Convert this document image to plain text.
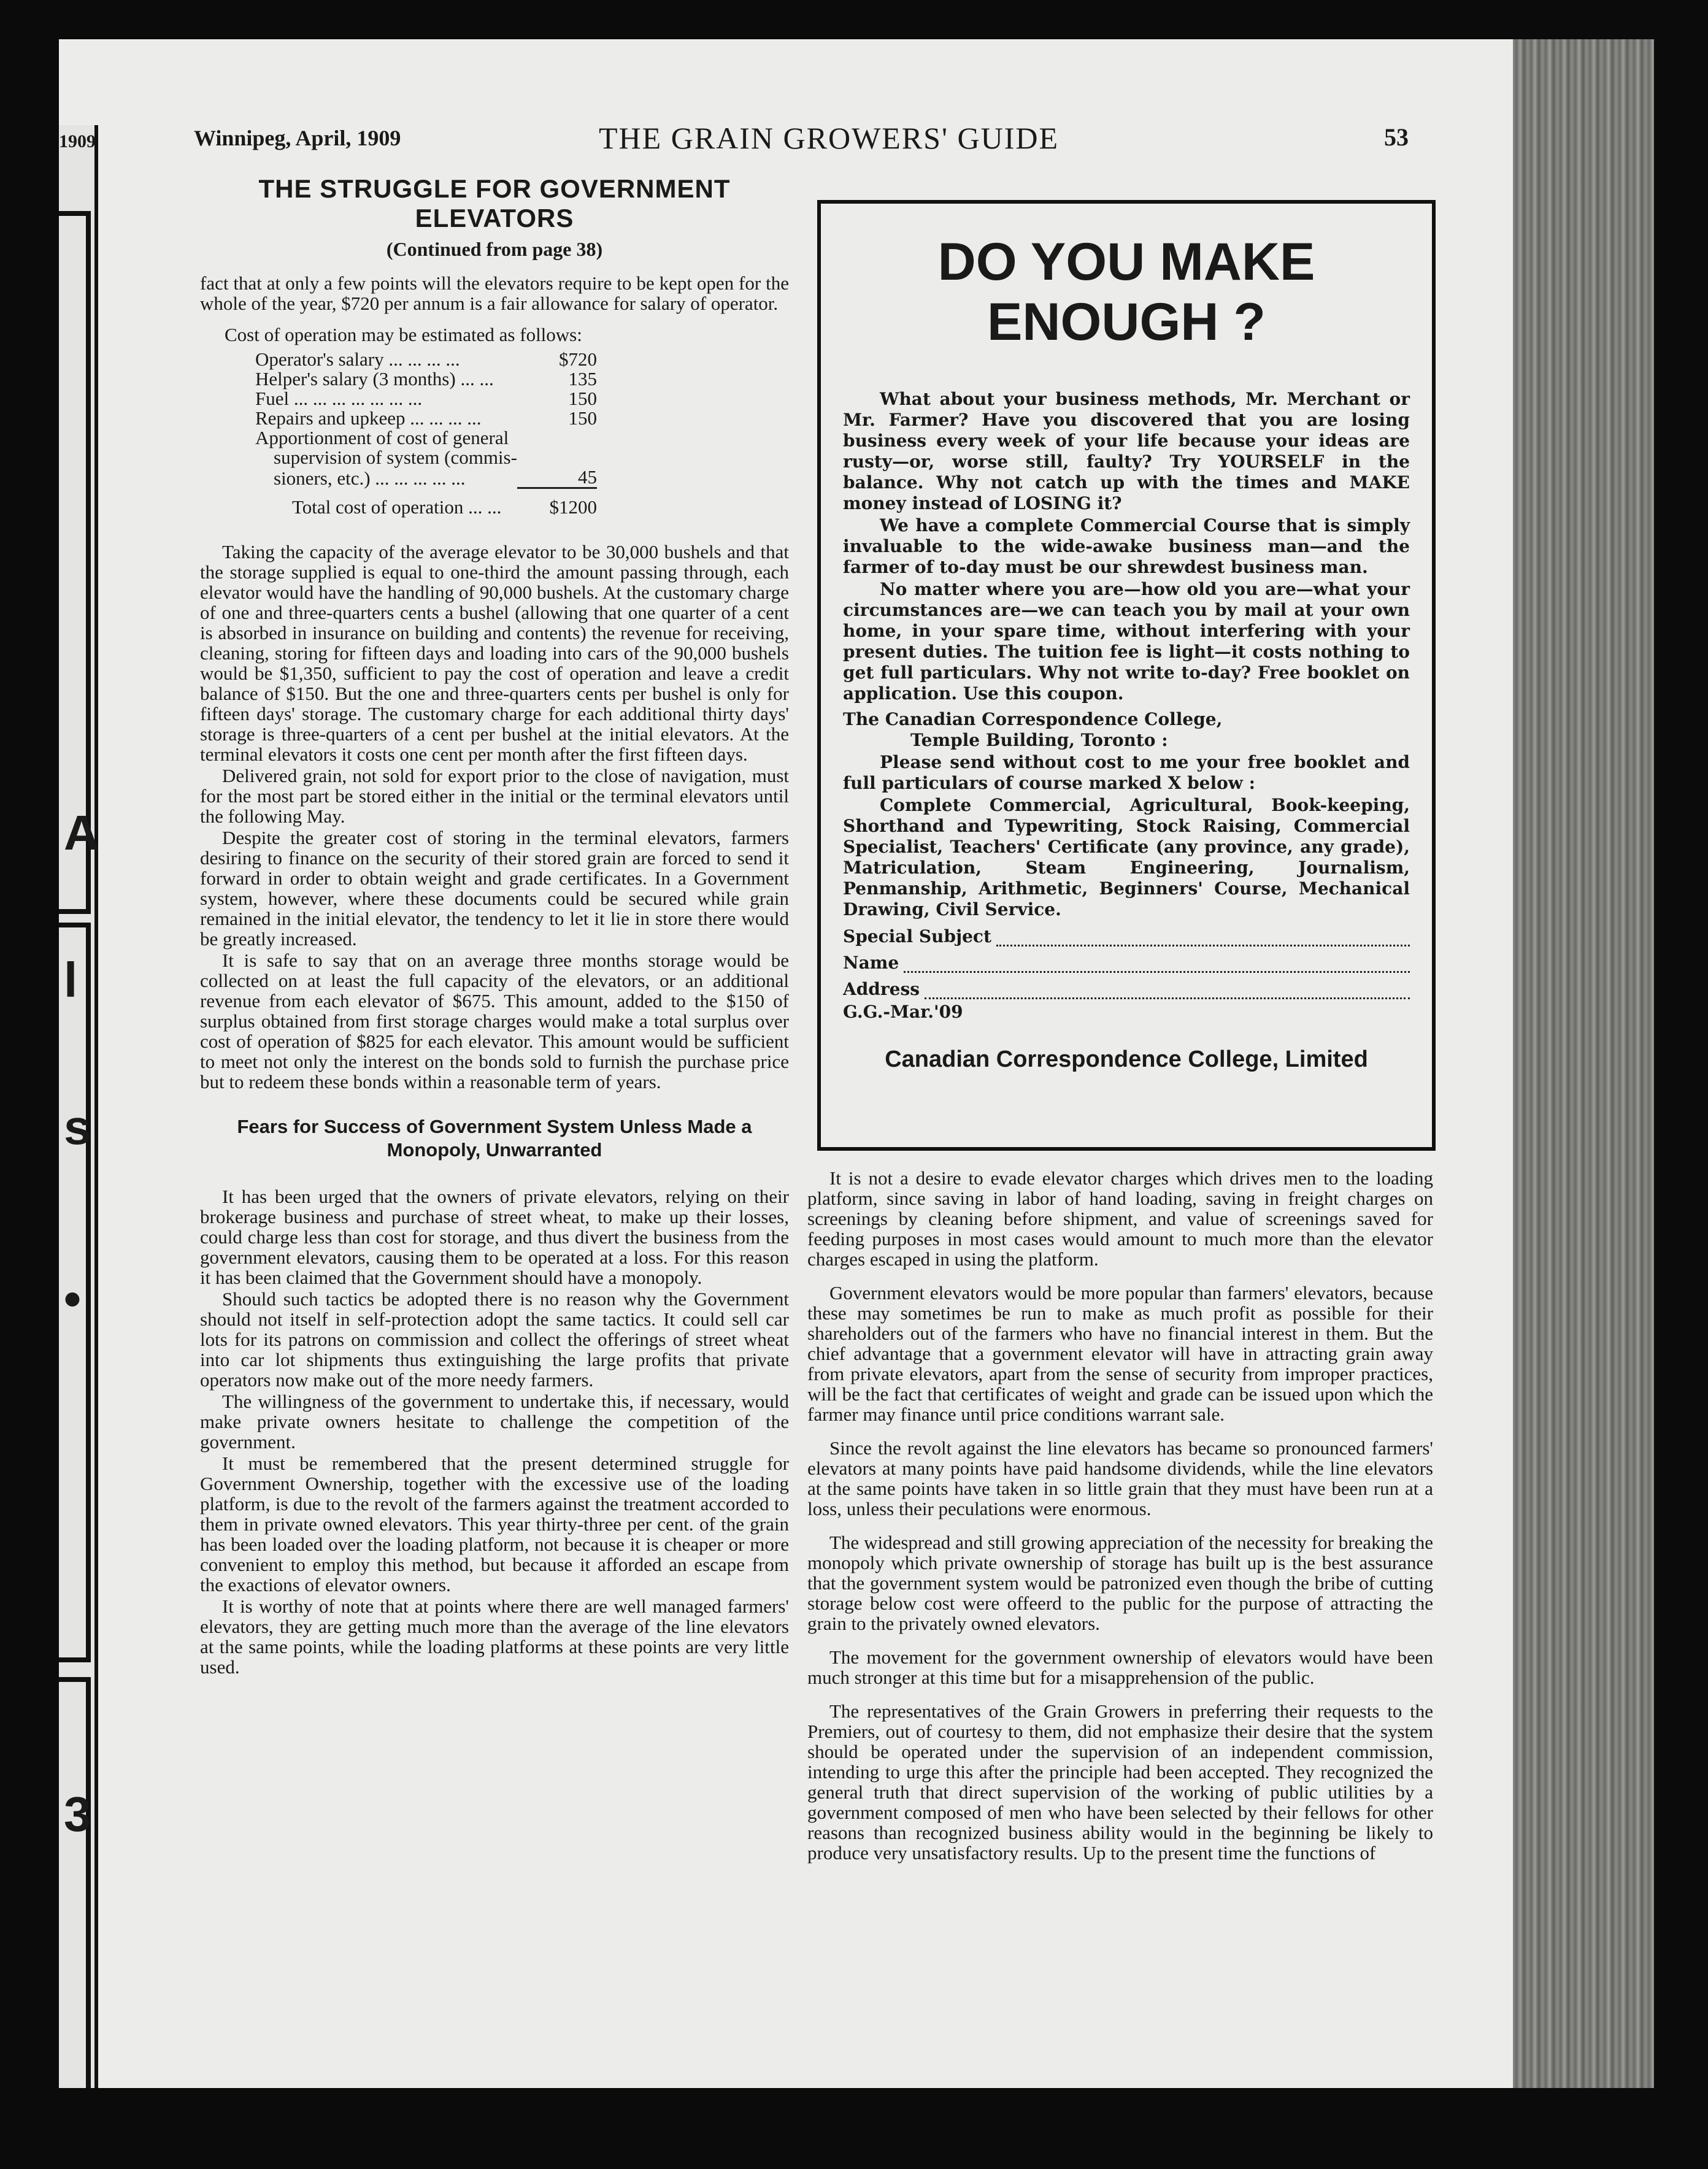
1909
A
l
s
•
3
Winnipeg, April, 1909	THE GRAIN GROWERS' GUIDE	53
THE STRUGGLE FOR GOVERNMENT
ELEVATORS
(Continued from page 38)

fact that at only a few points will the elevators require to be kept open for the whole of the year, $720 per annum is a fair allowance for salary of operator.

Cost of operation may be estimated as follows:

Operator's salary ... ... ... ...	$720
Helper's salary (3 months) ... ...	135
Fuel ... ... ... ... ... ... ...	150
Repairs and upkeep ... ... ... ...	150
Apportionment of cost of general	
supervision of system (commis-	
sioners, etc.) ... ... ... ... ...	45
Total cost of operation ... ...	$1200

Taking the capacity of the average elevator to be 30,000 bushels and that the storage supplied is equal to one-third the amount passing through, each elevator would have the handling of 90,000 bushels. At the customary charge of one and three-quarters cents a bushel (allowing that one quarter of a cent is absorbed in insurance on building and contents) the revenue for receiving, cleaning, storing for fifteen days and loading into cars of the 90,000 bushels would be $1,350, sufficient to pay the cost of operation and leave a credit balance of $150. But the one and three-quarters cents per bushel is only for fifteen days' storage. The customary charge for each additional thirty days' storage is three-quarters of a cent per bushel at the initial elevators. At the terminal elevators it costs one cent per month after the first fifteen days.

Delivered grain, not sold for export prior to the close of navigation, must for the most part be stored either in the initial or the terminal elevators until the following May.

Despite the greater cost of storing in the terminal elevators, farmers desiring to finance on the security of their stored grain are forced to send it forward in order to obtain weight and grade certificates. In a Government system, however, where these documents could be secured while grain remained in the initial elevator, the tendency to let it lie in store there would be greatly increased.

It is safe to say that on an average three months storage would be collected on at least the full capacity of the elevators, or an additional revenue from each elevator of $675. This amount, added to the $150 of surplus obtained from first storage charges would make a total surplus over cost of operation of $825 for each elevator. This amount would be sufficient to meet not only the interest on the bonds sold to furnish the purchase price but to redeem these bonds within a reasonable term of years.

Fears for Success of Government System Unless Made a
Monopoly, Unwarranted

It has been urged that the owners of private elevators, relying on their brokerage business and purchase of street wheat, to make up their losses, could charge less than cost for storage, and thus divert the business from the government elevators, causing them to be operated at a loss. For this reason it has been claimed that the Government should have a monopoly.

Should such tactics be adopted there is no reason why the Government should not itself in self-protection adopt the same tactics. It could sell car lots for its patrons on commission and collect the offerings of street wheat into car lot shipments thus extinguishing the large profits that private operators now make out of the more needy farmers.

The willingness of the government to undertake this, if necessary, would make private owners hesitate to challenge the competition of the government.

It must be remembered that the present determined struggle for Government Ownership, together with the excessive use of the loading platform, is due to the revolt of the farmers against the treatment accorded to them in private owned elevators. This year thirty-three per cent. of the grain has been loaded over the loading platform, not because it is cheaper or more convenient to employ this method, but because it afforded an escape from the exactions of elevator owners.

It is worthy of note that at points where there are well managed farmers' elevators, they are getting much more than the average of the line elevators at the same points, while the loading platforms at these points are very little used.

DO YOU MAKE
ENOUGH ?

What about your business methods, Mr. Merchant or Mr. Farmer? Have you discovered that you are losing business every week of your life because your ideas are rusty—or, worse still, faulty? Try YOURSELF in the balance. Why not catch up with the times and MAKE money instead of LOSING it?

We have a complete Commercial Course that is simply invaluable to the wide-awake business man—and the farmer of to-day must be our shrewdest business man.

No matter where you are—how old you are—what your circumstances are—we can teach you by mail at your own home, in your spare time, without interfering with your present duties. The tuition fee is light—it costs nothing to get full particulars. Why not write to-day? Free booklet on application. Use this coupon.

The Canadian Correspondence College,

Temple Building, Toronto :

Please send without cost to me your free booklet and full particulars of course marked X below :

Complete Commercial, Agricultural, Book-keeping, Shorthand and Typewriting, Stock Raising, Commercial Specialist, Teachers' Certificate (any province, any grade), Matriculation, Steam Engineering, Journalism, Penmanship, Arithmetic, Beginners' Course, Mechanical Drawing, Civil Service.

Special Subject
Name
Address
G.G.-Mar.'09
Canadian Correspondence College, Limited

It is not a desire to evade elevator charges which drives men to the loading platform, since saving in labor of hand loading, saving in freight charges on screenings by cleaning before shipment, and value of screenings saved for feeding purposes in most cases would amount to much more than the elevator charges escaped in using the platform.

Government elevators would be more popular than farmers' elevators, because these may sometimes be run to make as much profit as possible for their shareholders out of the farmers who have no financial interest in them. But the chief advantage that a government elevator will have in attracting grain away from private elevators, apart from the sense of security from improper practices, will be the fact that certificates of weight and grade can be issued upon which the farmer may finance until price conditions warrant sale.

Since the revolt against the line elevators has became so pronounced farmers' elevators at many points have paid handsome dividends, while the line elevators at the same points have taken in so little grain that they must have been run at a loss, unless their peculations were enormous.

The widespread and still growing appreciation of the necessity for breaking the monopoly which private ownership of storage has built up is the best assurance that the government system would be patronized even though the bribe of cutting storage below cost were offeerd to the public for the purpose of attracting the grain to the privately owned elevators.

The movement for the government ownership of elevators would have been much stronger at this time but for a misapprehension of the public.

The representatives of the Grain Growers in preferring their requests to the Premiers, out of courtesy to them, did not emphasize their desire that the system should be operated under the supervision of an independent commission, intending to urge this after the principle had been accepted. They recognized the general truth that direct supervision of the working of public utilities by a government composed of men who have been selected by their fellows for other reasons than recognized business ability would in the beginning be likely to produce very unsatisfactory results. Up to the present time the functions of
